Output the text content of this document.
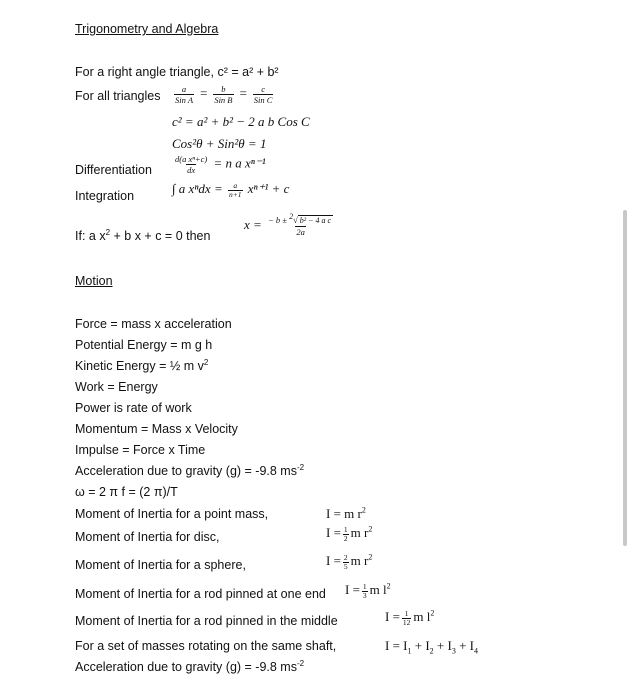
Trigonometry and Algebra
For a right angle triangle, c² = a² + b²
For all triangles $\frac{a}{\text{Sin A}} = \frac{b}{\text{Sin B}} = \frac{c}{\text{Sin C}}$
c² = a² + b² − 2 a b Cos C
Cos²θ + Sin²θ = 1
Differentiation	$\frac{\text{d(a xⁿ+c)}}{dx} = n$ a xⁿ⁻¹
Integration	∫ a $x^ndx = \frac{a}{n+1} x^{n+1} + c$
If: a $x^2 + b$ x + c = 0 then
$x = \frac{- b \pm ^2√ b^2 - 4 a c}{2a}$
Motion
Force = mass x acceleration
Potential Energy = m g h
Kinetic Energy = ½ m $v^2$
Work = Energy
Power is rate of work
Momentum = Mass x Velocity
Impulse = Force x Time
Acceleration due to gravity (g) = -9.8 $ms^{-2}$
ω = 2 π f = (2 π)/T
Moment of Inertia for a point mass,	I = m $r^2$
Moment of Inertia for disc,	$I = \frac{1}{2}$ m $r^2$
Moment of Inertia for a sphere,	$I = \frac{2}{5}$ m $r^2$
Moment of Inertia for a rod pinned at one end $I = \frac{1}{3}$ m $l^2$
Moment of Inertia for a rod pinned in the middle	$I = \frac{1}{12}$ m $l^2$
For a set of masses rotating on the same shaft,	$I = I_1 + I_2 + I_3 + I_4$
Acceleration due to gravity (g) = -9.8 $ms^{-2}$
